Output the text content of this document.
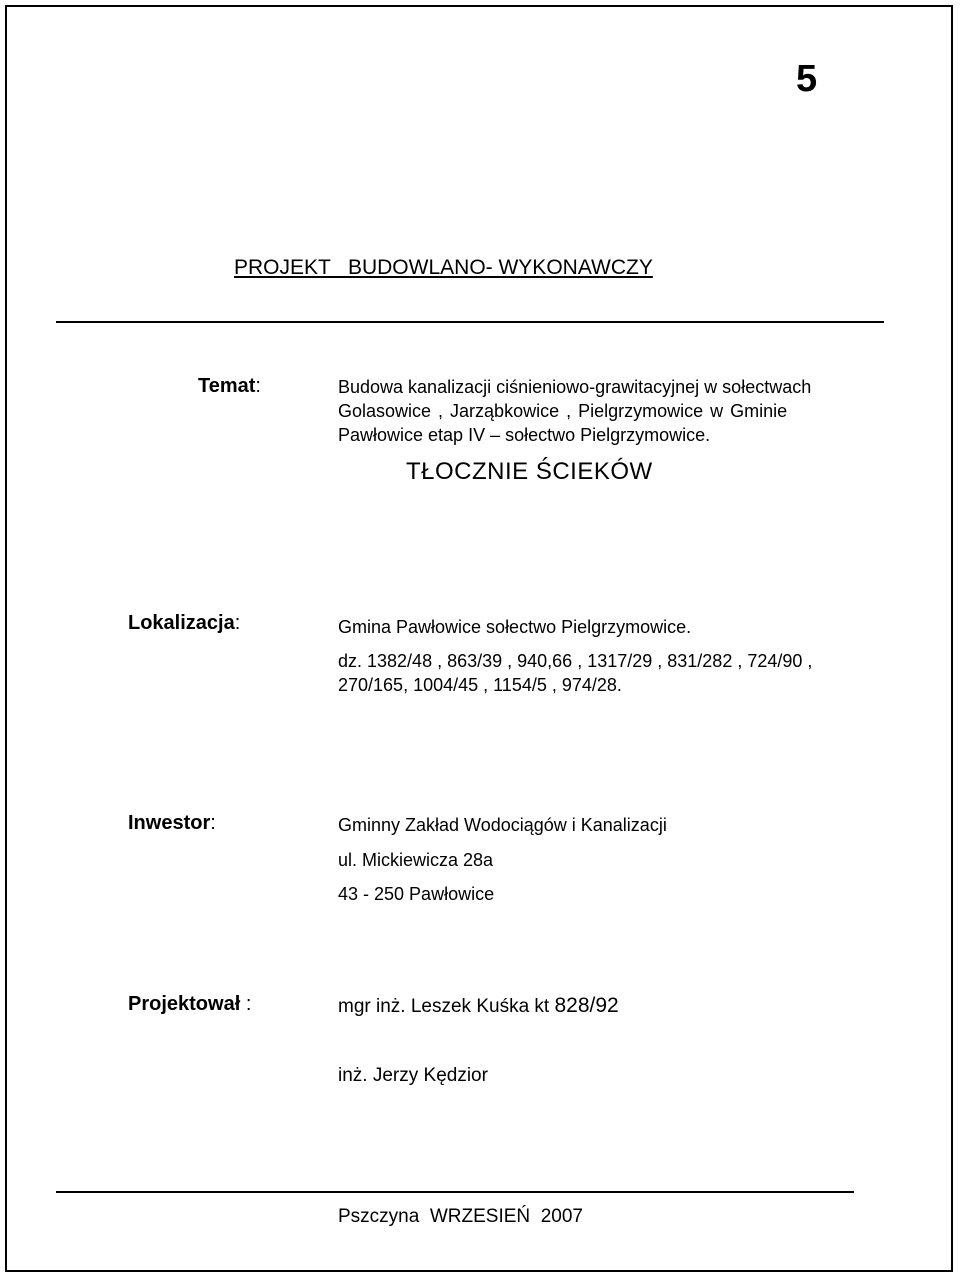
5
PROJEKT   BUDOWLANO- WYKONAWCZY
Temat:	Budowa kanalizacji ciśnieniowo-grawitacyjnej w sołectwach
Golasowice , Jarząbkowice , Pielgrzymowice w Gminie
Pawłowice etap IV – sołectwo Pielgrzymowice.
TŁOCZNIE ŚCIEKÓW
Lokalizacja:	Gmina Pawłowice sołectwo Pielgrzymowice.
dz. 1382/48 , 863/39 , 940,66 , 1317/29 , 831/282 , 724/90 ,
270/165, 1004/45 , 1154/5 , 974/28.
Inwestor:	Gminny Zakład Wodociągów i Kanalizacji
ul. Mickiewicza 28a
43 - 250 Pawłowice
Projektował :	mgr inż. Leszek Kuśka kt 828/92
inż. Jerzy Kędzior
Pszczyna  WRZESIEŃ  2007
